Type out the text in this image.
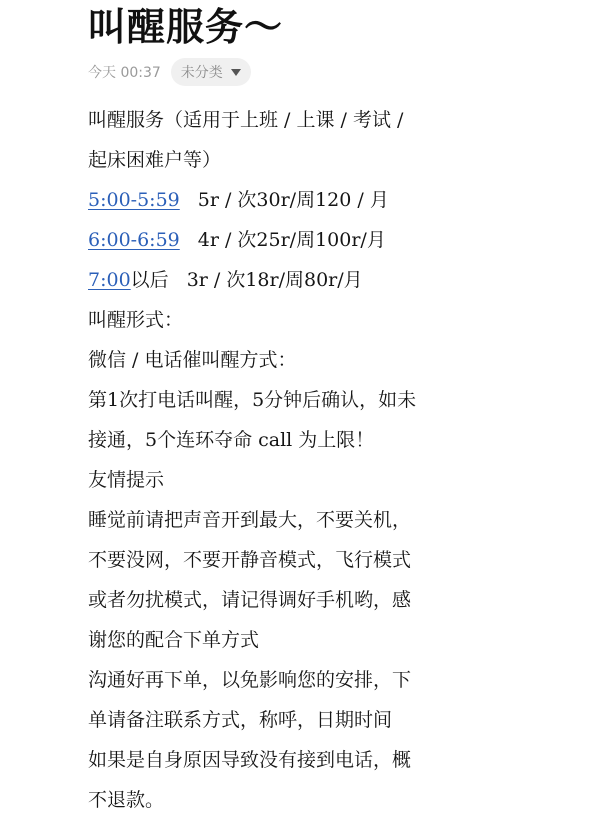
叫醒服务～
今天 00:37 未分类
叫醒服务（适用于上班 / 上课 / 考试 /
起床困难户等）
5:00-5:59 5r / 次30r/周120 / 月
6:00-6:59 4r / 次25r/周100r/月
7:00以后 3r / 次18r/周80r/月
叫醒形式：
微信 / 电话催叫醒方式：
第1次打电话叫醒，5分钟后确认，如未
接通，5个连环夺命 call 为上限！
友情提示
睡觉前请把声音开到最大，不要关机，
不要没网，不要开静音模式，飞行模式
或者勿扰模式，请记得调好手机哟，感
谢您的配合下单方式
沟通好再下单，以免影响您的安排，下
单请备注联系方式，称呼，日期时间
如果是自身原因导致没有接到电话，概
不退款。
